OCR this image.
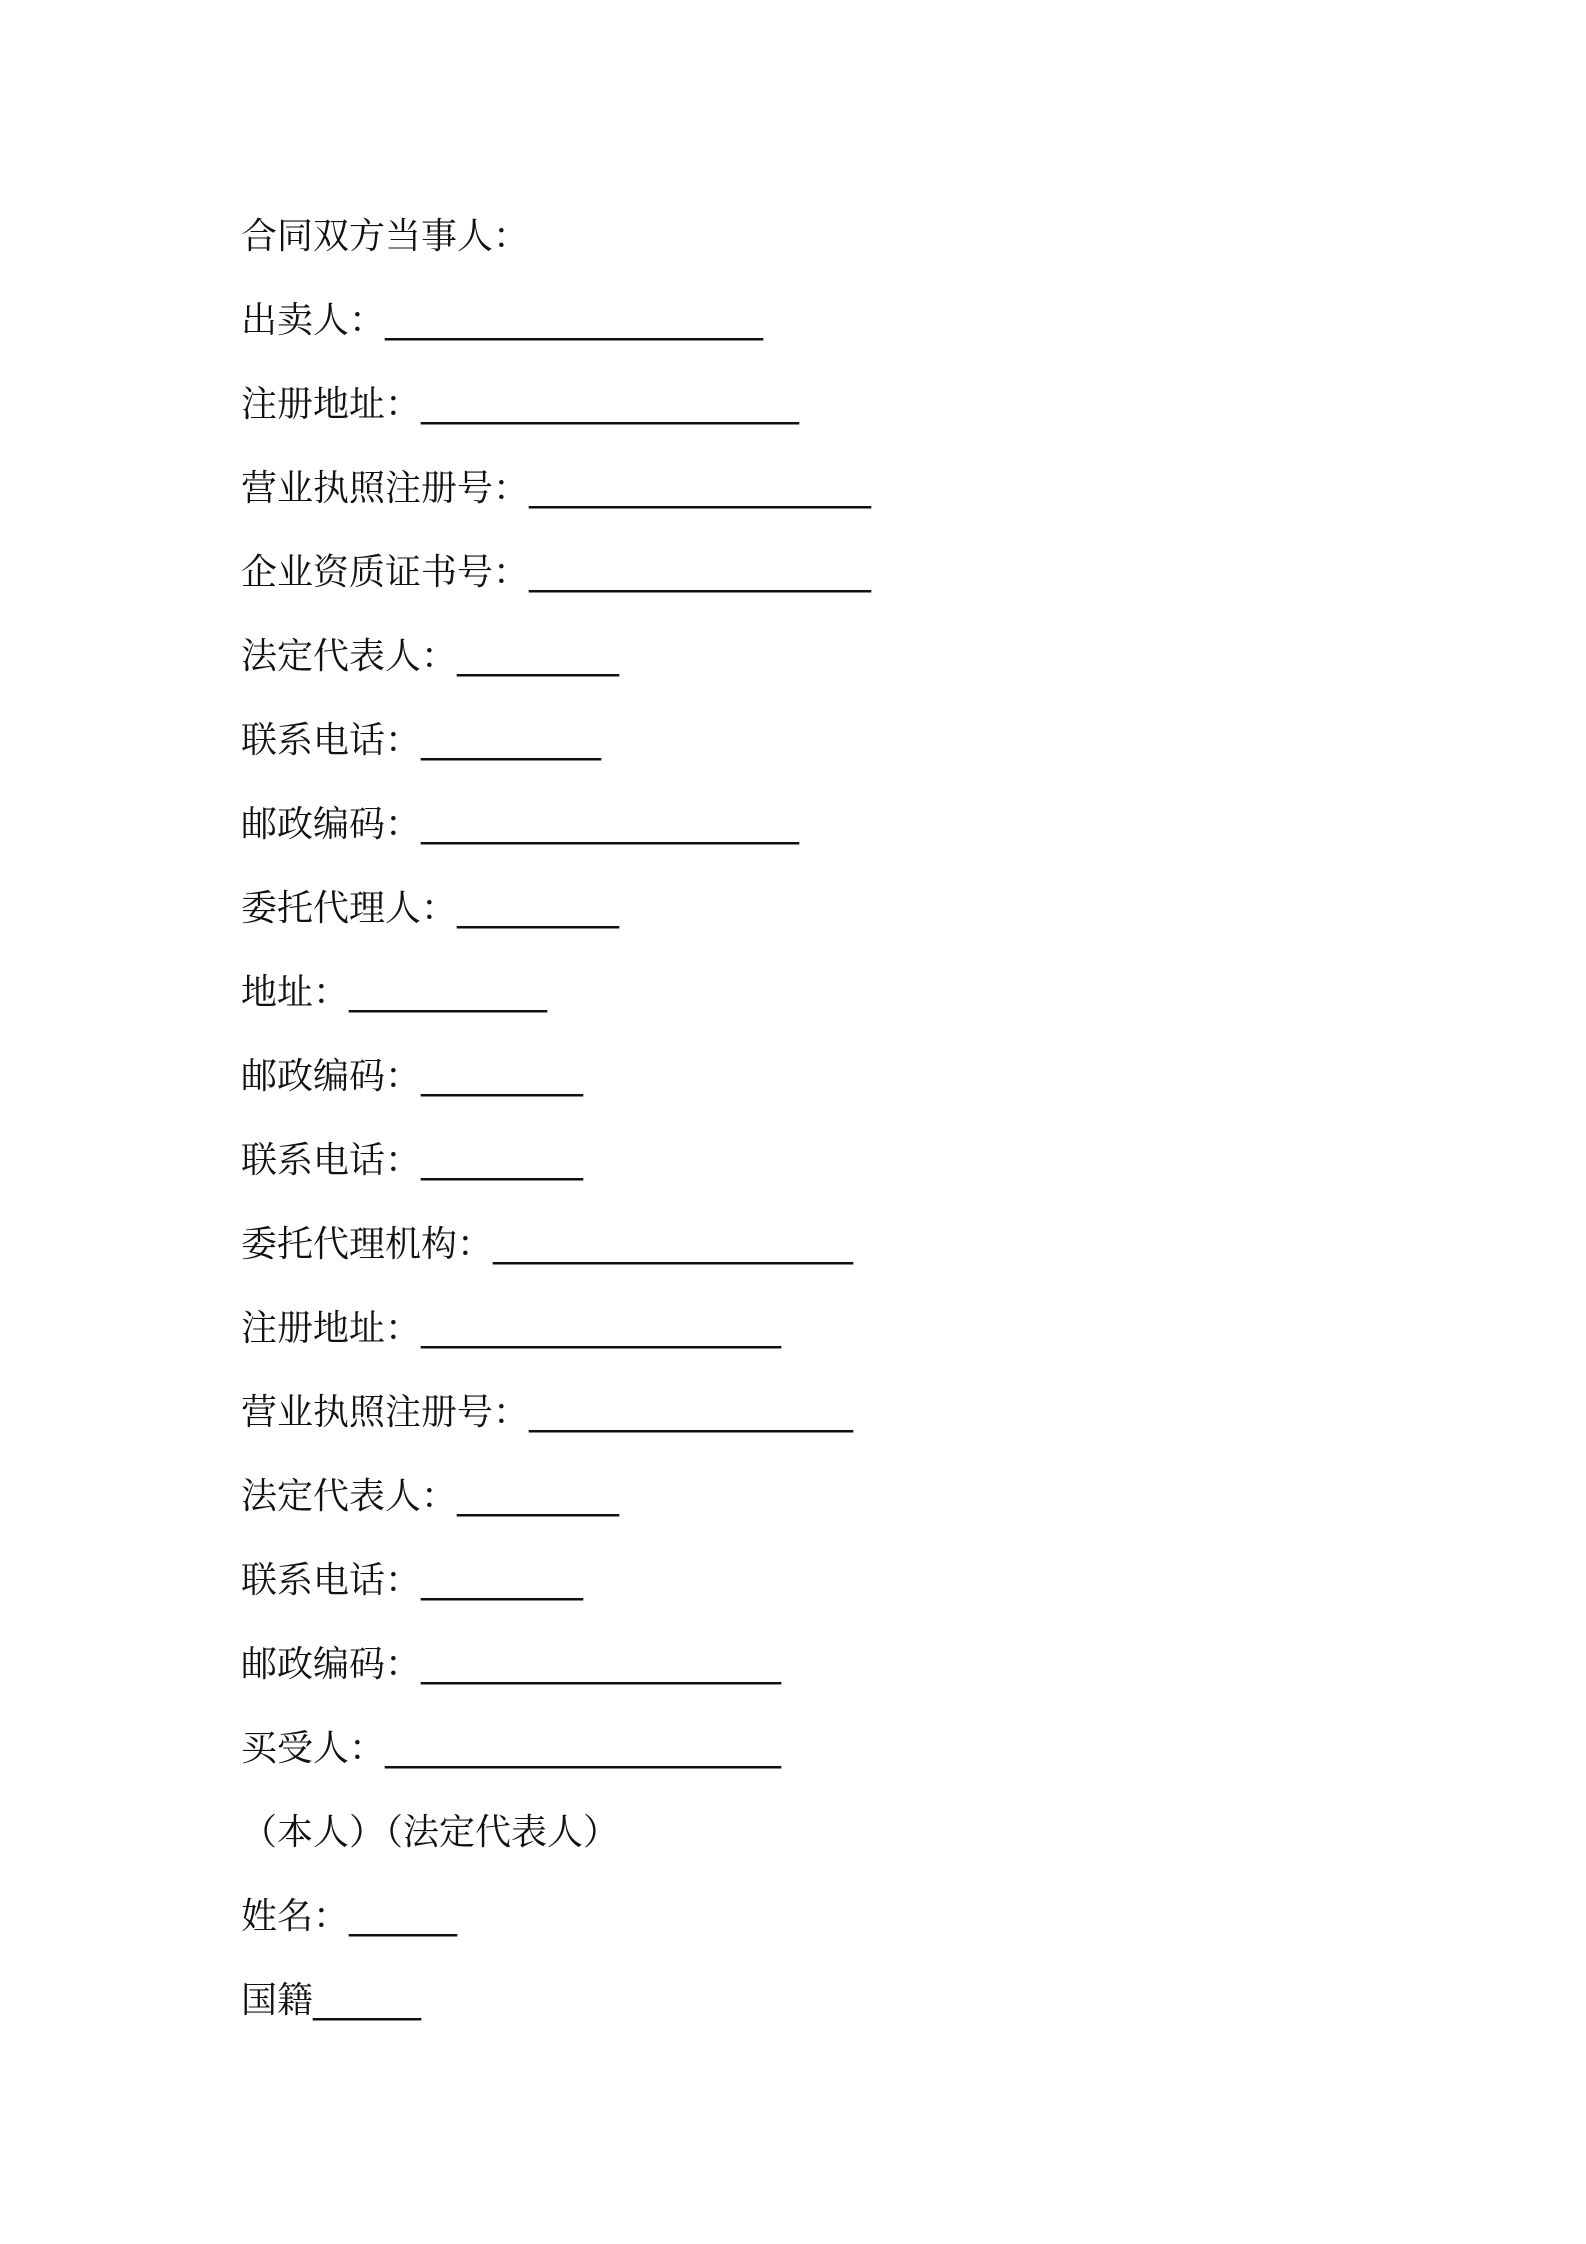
合同双方当事人：
出卖人：_____________________
注册地址：_____________________
营业执照注册号：___________________
企业资质证书号：___________________
法定代表人：_________
联系电话：__________
邮政编码：_____________________
委托代理人：_________
地址：___________
邮政编码：_________
联系电话：_________
委托代理机构：____________________
注册地址：____________________
营业执照注册号：__________________
法定代表人：_________
联系电话：_________
邮政编码：____________________
买受人：______________________
（本人）（法定代表人）
姓名：______
国籍______
